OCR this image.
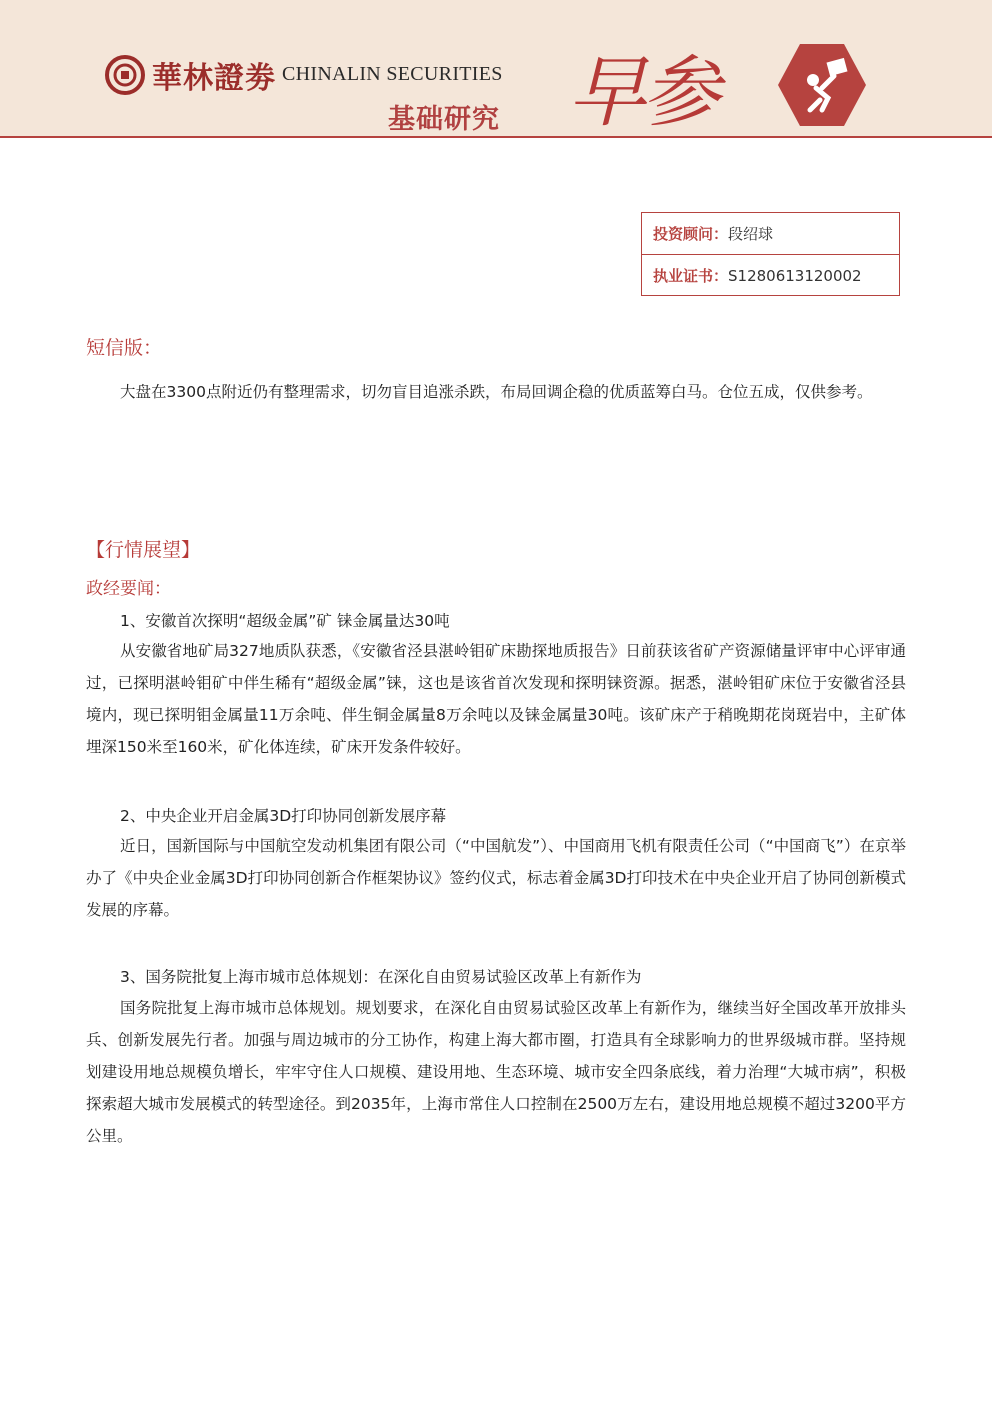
華林證劵 CHINALIN SECURITIES
基础研究 早参
投资顾问： 段绍球
执业证书： S1280613120002
短信版：

大盘在3300点附近仍有整理需求，切勿盲目追涨杀跌，布局回调企稳的优质蓝筹白马。仓位五成，仅供参考。

【行情展望】
政经要闻：
1、安徽首次探明“超级金属”矿 铼金属量达30吨

从安徽省地矿局327地质队获悉，《安徽省泾县湛岭钼矿床勘探地质报告》日前获该省矿产资源储量评审中心评审通过，已探明湛岭钼矿中伴生稀有“超级金属”铼，这也是该省首次发现和探明铼资源。据悉，湛岭钼矿床位于安徽省泾县境内，现已探明钼金属量11万余吨、伴生铜金属量8万余吨以及铼金属量30吨。该矿床产于稍晚期花岗斑岩中，主矿体埋深150米至160米，矿化体连续，矿床开发条件较好。

2、中央企业开启金属3D打印协同创新发展序幕

近日，国新国际与中国航空发动机集团有限公司（“中国航发”）、中国商用飞机有限责任公司（“中国商飞”）在京举办了《中央企业金属3D打印协同创新合作框架协议》签约仪式，标志着金属3D打印技术在中央企业开启了协同创新模式发展的序幕。

3、国务院批复上海市城市总体规划：在深化自由贸易试验区改革上有新作为

国务院批复上海市城市总体规划。规划要求，在深化自由贸易试验区改革上有新作为，继续当好全国改革开放排头兵、创新发展先行者。加强与周边城市的分工协作，构建上海大都市圈，打造具有全球影响力的世界级城市群。坚持规划建设用地总规模负增长，牢牢守住人口规模、建设用地、生态环境、城市安全四条底线，着力治理“大城市病”，积极探索超大城市发展模式的转型途径。到2035年，上海市常住人口控制在2500万左右，建设用地总规模不超过3200平方公里。
